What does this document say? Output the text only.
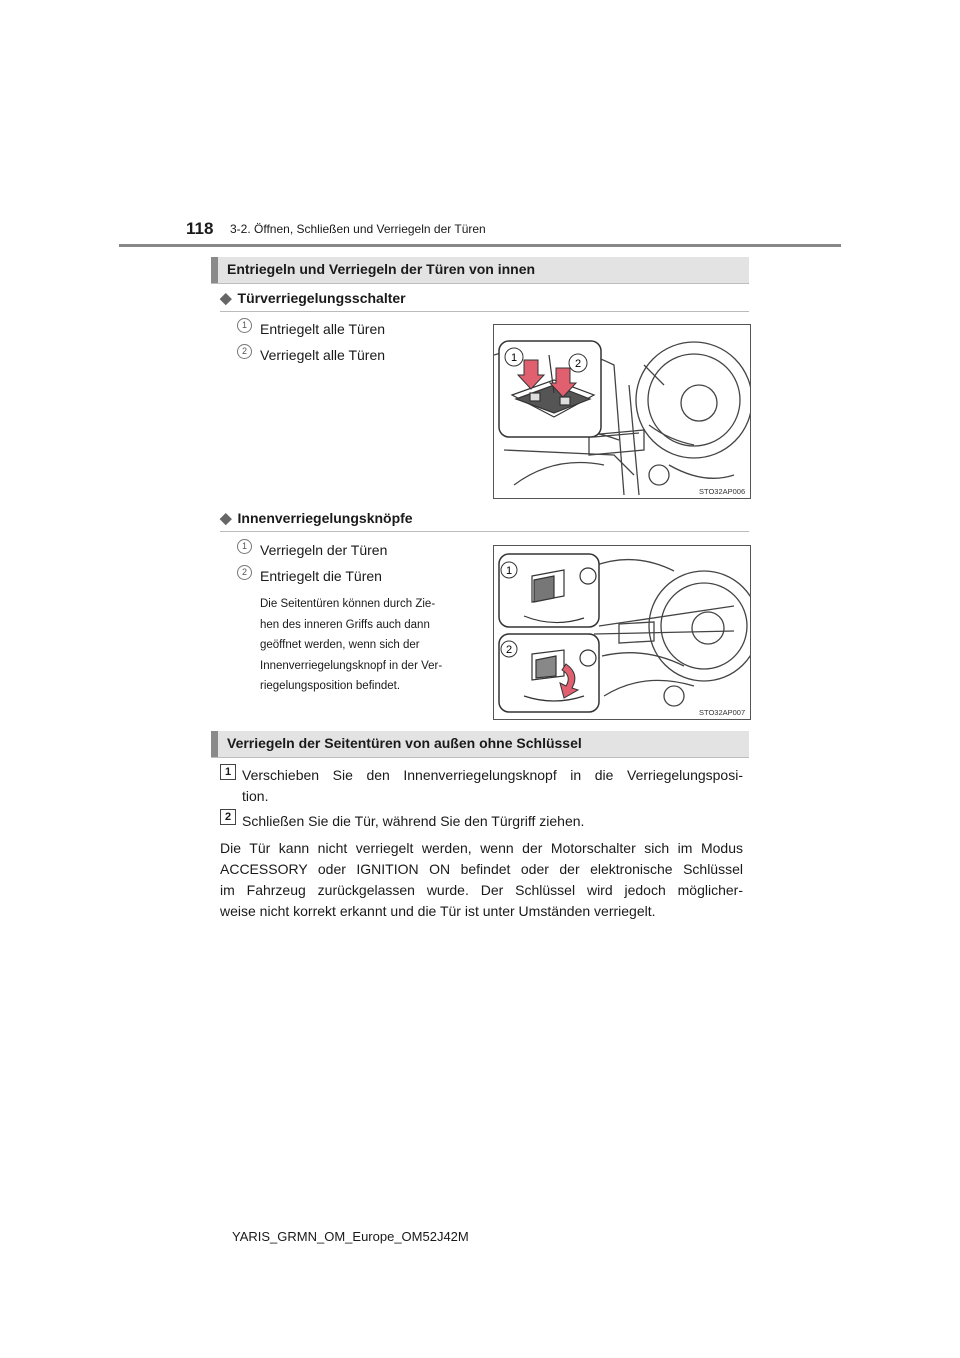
118 3-2. Öffnen, Schließen und Verriegeln der Türen
Entriegeln und Verriegeln der Türen von innen
◆ Türverriegelungsschalter
1 Entriegelt alle Türen
2 Verriegelt alle Türen	1	2
STO32AP006
◆ Innenverriegelungsknöpfe
1 Verriegeln der Türen
2 Entriegelt die Türen
Die Seitentüren können durch Zie-
hen des inneren Griffs auch dann
geöffnet werden, wenn sich der
Innenverriegelungsknopf in der Ver-
riegelungsposition befindet.
1
2
STO32AP007
Verriegeln der Seitentüren von außen ohne Schlüssel
1 Verschieben Sie den Innenverriegelungsknopf in die Verriegelungsposi-
tion.
2 Schließen Sie die Tür, während Sie den Türgriff ziehen.
Die Tür kann nicht verriegelt werden, wenn der Motorschalter sich im Modus
ACCESSORY oder IGNITION ON befindet oder der elektronische Schlüssel
im Fahrzeug zurückgelassen wurde. Der Schlüssel wird jedoch möglicher-
weise nicht korrekt erkannt und die Tür ist unter Umständen verriegelt.
YARIS_GRMN_OM_Europe_OM52J42M
